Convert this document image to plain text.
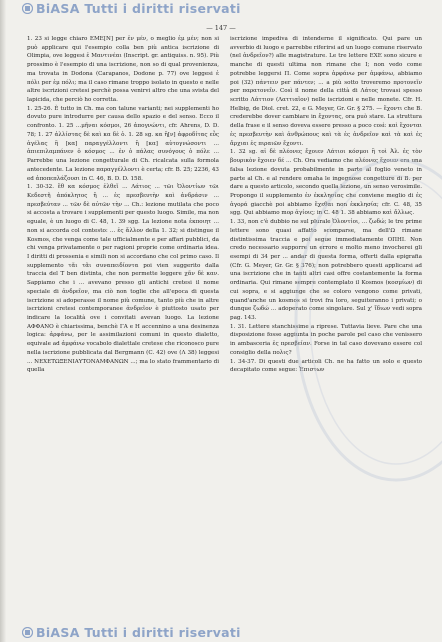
BiASA Tutti i diritti riservati
— 147 —

1. 23 si legge chiaro ΕΜΕ[Ν] per ἐν μέν, o meglio ἐμ μέν; non si può applicare qui l'esempio colla ben più antica iscrizione di Olimpia, ove leggesi ἐ Μαντινέαι (Inscript. gr. antiquiss. n. 95). Più prossimo è l'esempio di una iscrizione, non so di qual provenienza, ma trovata in Dodona (Carapanos, Dodone p. 77) ove leggesi ἐ πόλι per ἐμ πόλι; ma il caso rimane troppo isolato in questo e nelle altre iscrizioni cretesi perchè possa venirvi altro che una svista del lapicida, che perciò ho corretta.

1. 25-26. È tutto in Ch. ma con talune varianti; nei supplementi ho dovuto pure introdurre per causa dello spazio e del senso. Ecco il confronto. 1. 25 ...μῆναι κόσμοι, 26 ἀπογνώντι, cfr. Ahrens, D. D. 78; 1. 27 ἀλλίστας δὲ καὶ κα δὲ ὁ. 1. 28 sg. κα ἤ[ν] ἀφροδίτας εὖς ἀγέλας ἢ [κα] παραγγέλλοντι ἢ [κα] αὐτογνώσοντι ... ἀπιεπιλαμπάνεν ὁ κόσμος ... ἐν ὁ πάλας συνόγους ὁ πόλε ... Parrebbe una lezione congetturale di Ch. ricalcata sulla formola antecedente. La lezione παραγγέλλοντι è certa; cfr. B. 25; 2236, 43 ed ἀποπεπλάζουσι in C. 46, B. D. D. 158.

1. 30-32. ἔθ κα κόσμος ἐλθεῖ ... Λάτιος ... τῶι Ὀλοντίων τῶι Κεδεστῆ ἀπόκλητος ἢ ... ἐς πρεσβευτὴν καὶ ἀνδράσιν ... πρεσβεύταν ... τῶν δὲ αὐτῶν τὴν ... Ch.: lezione mutilata che poco si accosta a trovare i supplementi per questo luogo. Simile, ma non eguale, è un luogo di C. 48, 1. 39 sgg. La lezione nota ἐκποιητ ... non si accorda col contesto: ... ἐς ἄλλον della 1. 32; si distingue il Kosmos, che venga come tale ufficialmente e per affari pubblici, da chi venga privatamente o per ragioni proprie come ordinaria idea. I diritti di prossenia e simili non si accordano che col primo caso. Il supplemento τᾶι τᾶι συναπειδίοντα poi vien suggerito dalla traccia del Τ ben distinta, che non permette leggere χᾶν δὲ καν. Sappiamo che i ... avevano presso gli antichi cretesi il nome speciale di ἀνδρεῖον, ma ciò non toglie che all'epoca di questa iscrizione si adoperasse il nome più comune, tanto più che in altre iscrizioni cretesi contemporanee ἀνδρεῖον è piuttosto usato per indicare la località ove i convitati avevan luogo. La lezione ΑΦΦΑΝΟ è chiarissima, benchè ΓΑ e Η accennino a una desinenza logica: ἀρφάνω, per le assimilazioni comuni in questo dialetto, equivale ad ἀμφάνω vocabolo dialettale cretese che riconosco pure nella iscrizione pubblicata dal Bergmann (C. 42) ove (Λ 38) leggesi ... ΝΕΧΕΤΩΞΕΝΙΑΥΤΟΝΑΜΦΑΝΩΝ ...; ma lo stato frammentario di quella

iscrizione impediva di intenderne il significato. Qui pare un avverbio di luogo e parrebbe riferirsi ad un luogo comune riservato (nel ἀνδρεῖον?) alle magistrature. Le tre lettere ΕΧΕ sono sicure e manche di questi ultima non rimane che Ι; non vedo come potrebbe leggersi Π. Come sopra ἀρφάνω per ἀμφάνω, abbiamo poi (32) πάντειν per πάντεν; ... a più sotto troveremo προτονεῖν per παρατονεῖν. Così il nome della città di Λάτος trovasi spesso scritto Λάττιον (Λαττιαῖον) nelle iscrizioni e nelle monete. Cfr. H. Helbig, de Diol. cret. 22, e G. Meyer, Gr. Gr. § 275. — ἔχοντι che B. crederebbe dover cambiare in ἔχοντας, ora può stare. La struttura della frase e il senso doveva essere presso a poco così: καὶ ἔχονται ἐς πρεσβευτὴν καὶ ἀνθρώπους καὶ τὰ ἐς ἀνδρεῖον καὶ τὰ καὶ ἐς ἄρχιαι ἐς πιραιῶν ἔχοντι.

1. 32 sg. αἱ δὲ πλέονες ἔχοιεν Λάτιοι κόσμοι ἢ τοὶ Ἀλ. ἐς τὸν βουρικὸν ἔχοιεν δέ ... Ch. Ora vediamo che πλέονες ἔχοιεν era una falsa lezione dovuta probabilmente in parte al foglio veneto in parte al Ch. e al rendere omaha le ingegnose congetture di B. per dare a questo articolo, secondo quella lezione, un senso verosimile. Propongo il supplemento ἐν ἐκκλησίας che conviene meglio di ἐς ἀγορά giacchè poi abbiamo ἔχεθαι non ἐκκλησία; cfr. C. 48, 35 sgg. Qui abbiamo mορ ἀγίοις; in C. 48 1. 38 abbiamo καὶ ἄλλως.

1. 33, non c'è dubbio ne sul plurale Ὀλοντίοι, ... ζωδώ; le tre prime lettere sono quasi affatto scomparse, ma dell'Ω rimane distintissima traccia e poi segue immediatamente ΟΠΗΙ. Non credo necessario supporre un errore e molto meno invocherei gli esempi di 34 per ... andar di questa forma, offerti dalla epigrafia (Cfr. G. Meyer, Gr. Gr. § 376); non potrebbero questi applicarsi ad una iscrizione che in tanti altri casi offre costantemente la forma ordinaria. Qui rimane sempre contemplato il Kosmos (κοσμίων) di cui sopra, e si aggiunge che se coloro vengono come privati, quand'anche un kosmos si trovi fra loro, seguiteranno i privati; o dunque ζωδώ ... adoperato come singolare. Sul χ' ἴδιων vedi sopra pag. 143.

1. 31. Lettere stanchissime a riprese. Tuttavia lieve. Pare che una disposizione fosse aggiunta in poche parole pel caso che venissero in ambasceria ἐς πρεσβείαν. Forse in tal caso dovevano essere col consiglio della πολις?

1. 34-37. Di questi due articoli Ch. ne ha fatto un solo e questo decapitato come segue: Ἐπιστων

BiASA Tutti i diritti riservati
